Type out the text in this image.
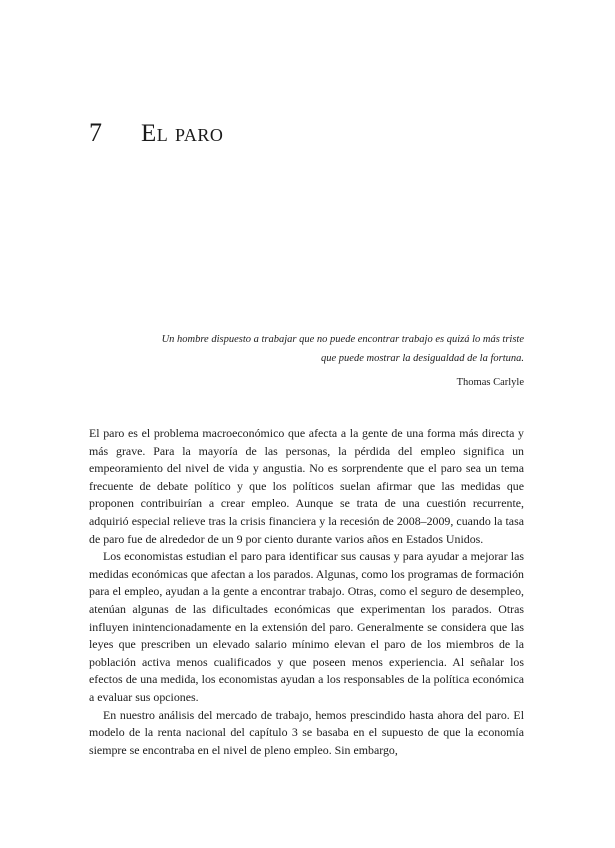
7	El paro
Un hombre dispuesto a trabajar que no puede encontrar trabajo es quizá lo más triste que puede mostrar la desigualdad de la fortuna.
Thomas Carlyle

El paro es el problema macroeconómico que afecta a la gente de una forma más directa y más grave. Para la mayoría de las personas, la pérdida del empleo significa un empeoramiento del nivel de vida y angustia. No es sorprendente que el paro sea un tema frecuente de debate político y que los políticos suelan afirmar que las medidas que proponen contribuirían a crear empleo. Aunque se trata de una cuestión recurrente, adquirió especial relieve tras la crisis financiera y la recesión de 2008–2009, cuando la tasa de paro fue de alrededor de un 9 por ciento durante varios años en Estados Unidos.

Los economistas estudian el paro para identificar sus causas y para ayudar a mejorar las medidas económicas que afectan a los parados. Algunas, como los programas de formación para el empleo, ayudan a la gente a encontrar trabajo. Otras, como el seguro de desempleo, atenúan algunas de las dificultades económicas que experimentan los parados. Otras influyen inintencionadamente en la extensión del paro. Generalmente se considera que las leyes que prescriben un elevado salario mínimo elevan el paro de los miembros de la población activa menos cualificados y que poseen menos experiencia. Al señalar los efectos de una medida, los economistas ayudan a los responsables de la política económica a evaluar sus opciones.

En nuestro análisis del mercado de trabajo, hemos prescindido hasta ahora del paro. El modelo de la renta nacional del capítulo 3 se basaba en el supuesto de que la economía siempre se encontraba en el nivel de pleno empleo. Sin embargo,
